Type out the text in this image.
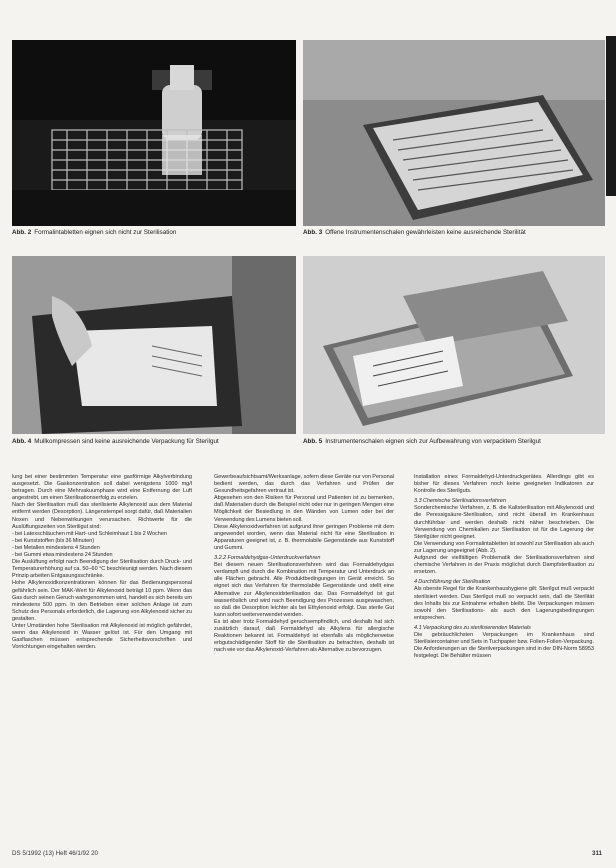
Abb. 2 Formalintabletten eignen sich nicht zur Sterilisation	Abb. 3 Offene Instrumentenschalen gewährleisten keine ausreichende Sterilität
Abb. 4 Mullkompressen sind keine ausreichende Verpackung für Sterilgut	Abb. 5 Instrumentenschalen eignen sich zur Aufbewahrung von verpacktem Sterilgut

lung bei einer bestimmten Temperatur eine gasförmige Alkylverbindung ausgesetzt. Die Gaskonzentration soll dabei wenigstens 1000 mg/l betragen. Durch eine Mehrvakuumphase wird eine Entfernung der Luft angestrebt, um einen Sterilisationserfolg zu erzielen.

Nach der Sterilisation muß das sterilisierte Alkylenoxid aus dem Material entfernt werden (Desorption). Längenstempel sorgt dafür, daß Materialien Noxen und Nebenwirkungen verursachen. Richtwerte für die Auslüftungszeiten von Steriligut sind:

- bei Latexschläuchen mit Hart- und Schleimhaut 1 bis 2 Wochen

- bei Kunststoffen (bis 36 Minuten)

- bei Metallen mindestens 4 Stunden

- bei Gummi etwa mindestens 24 Stunden

Die Auslüftung erfolgt nach Beendigung der Sterilisation durch Druck- und Temperaturerhöhung auf ca. 50–60 °C beschleunigt werden. Nach diesem Prinzip arbeiten Entgasungsschränke.

Hohe Alkylenoxidkonzentrationen können für das Bedienungspersonal gefährlich sein. Der MAK-Wert für Alkylenoxid beträgt 10 ppm. Wenn das Gas durch seinen Geruch wahrgenommen wird, handelt es sich bereits um mindestens 500 ppm. In den Betrieben einer solchen Anlage ist zum Schutz des Personals erforderlich, die Lagerung von Alkylenoxid sicher zu gestalten.

Unter Umständen hohe Sterilisation mit Alkylenoxid ist möglich gefährdet, wenn das Alkylenoxid in Wasser gelöst ist. Für den Umgang mit Gasflaschen müssen entsprechende Sicherheitsvorschriften und Vorrichtungen eingehalten werden.

Gewerbeaufsichtsamt/Werksanlage, sofern diese Geräte nur von Personal bedient werden, das durch das Verfahren und Prüfen der Gesundheitsgefahren vertraut ist.

Abgesehen von den Risiken für Personal und Patienten ist zu bemerken, daß Materialien durch die Beispiel nicht oder nur in geringen Mengen eine Möglichkeit der Besiedlung in den Wänden von Lumen oder bei der Verwendung des Lumens bieten soll.

Diese Alkylenoxidverfahren ist aufgrund ihrer geringen Probleme mit dem angewendet worden, wenn das Material nicht für eine Sterilisation in Apparaturen geeignet ist, z. B. thermolabile Gegenstände aus Kunststoff und Gummi.

3.2.2 Formaldehydgas-Unterdruckverfahren

Bei diesem neuen Sterilisationsverfahren wird das Formaldehydgas verdampft und durch die Kombination mit Temperatur und Unterdruck an alle Flächen gebracht. Alle Produktbedingungen im Gerät erreicht. So eignet sich das Verfahren für thermolabile Gegenstände und stellt eine Alternative zur Alkylenoxidsterilisation dar. Das Formaldehyd ist gut wasserlöslich und wird nach Beendigung des Prozesses ausgewaschen, so daß die Desorption leichter als bei Ethylenoxid erfolgt. Das sterile Gut kann sofort weiterverwendet werden.

Es ist aber trotz Formaldehyd geruchsempfindlich, und deshalb hat sich zusätzlich darauf, daß Formaldehyd als Alkylens für allergische Reaktionen bekannt ist. Formaldehyd ist ebenfalls als möglicherweise erbgutschädigender Stoff für die Sterilisation zu betrachten, deshalb ist nach wie vor das Alkylenoxid-Verfahren als Alternative zu bevorzugen.

Installation eines Formaldehyd-Unterdruckgerätes. Allerdings gibt es bisher für dieses Verfahren noch keine geeigneten Indikatoren zur Kontrolle des Sterilguts.

3.3 Chemische Sterilisationsverfahren

Sonderchemische Verfahren, z. B. die Kaltsterilisation mit Alkylenoxid und die Peressigsäure-Sterilisation, sind nicht überall im Krankenhaus durchführbar und werden deshalb nicht näher beschrieben. Die Verwendung von Chemikalien zur Sterilisation ist für die Lagerung der Sterilgüter nicht geeignet.

Die Verwendung von Formalintabletten ist sowohl zur Sterilisation als auch zur Lagerung ungeeignet (Abb. 2).

Aufgrund der vielfältigen Problematik der Sterilisationsverfahren sind chemische Verfahren in der Praxis möglichst durch Dampfsterilisation zu ersetzen.

4 Durchführung der Sterilisation

Als oberste Regel für die Krankenhaushygiene gilt: Sterilgut muß verpackt sterilisiert werden. Das Sterilgut muß so verpackt sein, daß die Sterilität des Inhalts bis zur Entnahme erhalten bleibt. Die Verpackungen müssen sowohl den Sterilisations- als auch den Lagerungsbedingungen entsprechen.

4.1 Verpackung des zu sterilisierenden Materials

Die gebräuchlichsten Verpackungen im Krankenhaus sind Sterilisiercontainer und Sets in Tuchpapier bzw. Folien-Folien-Verpackung. Die Anforderungen an die Sterilverpackungen sind in der DIN-Norm 58953 festgelegt. Die Behälter müssen

DS 5/1992 (13) Heft 46/1/92 20	311
